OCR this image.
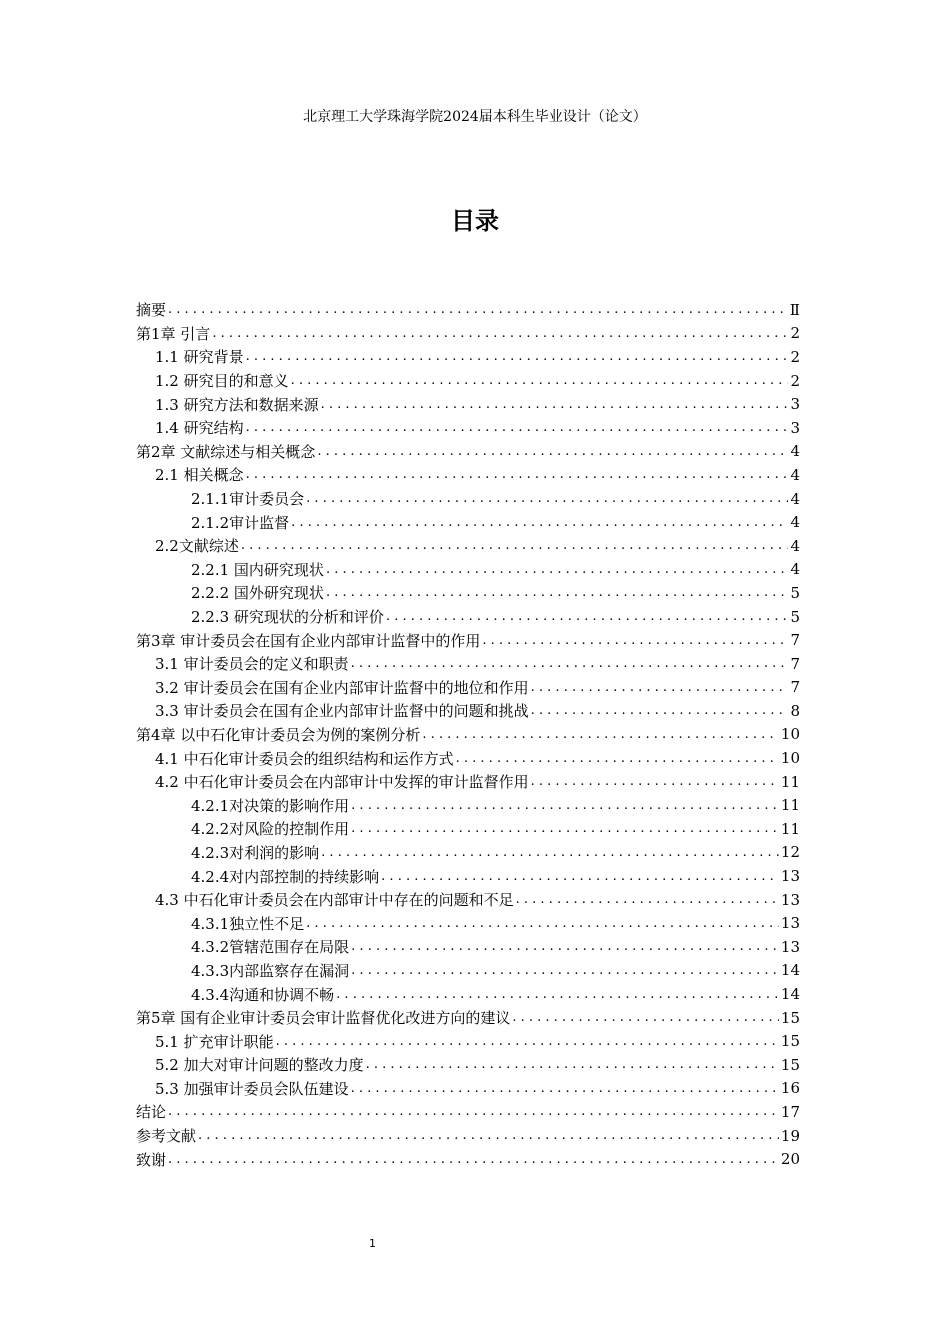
北京理工大学珠海学院2024届本科生毕业设计（论文）
目录
摘要 . . .	Ⅱ
第1章 引言 . . .	2
1.1 研究背景 . . .	2
1.2 研究目的和意义 . . .	2
1.3 研究方法和数据来源 . . .	3
1.4 研究结构 . . .	3
第2章 文献综述与相关概念 . . .	4
2.1 相关概念 . . .	4
2.1.1审计委员会 . . .	4
2.1.2审计监督 . . .	4
2.2文献综述 . . .	4
2.2.1 国内研究现状 . . .	4
2.2.2 国外研究现状 . . .	5
2.2.3 研究现状的分析和评价 . . .	5
第3章 审计委员会在国有企业内部审计监督中的作用 . . .	7
3.1 审计委员会的定义和职责 . . .	7
3.2 审计委员会在国有企业内部审计监督中的地位和作用 . . .	7
3.3 审计委员会在国有企业内部审计监督中的问题和挑战 . . .	8
第4章 以中石化审计委员会为例的案例分析 . . .	10
4.1 中石化审计委员会的组织结构和运作方式 . . .	10
4.2 中石化审计委员会在内部审计中发挥的审计监督作用 . . .	11
4.2.1对决策的影响作用 . . .	11
4.2.2对风险的控制作用 . . .	11
4.2.3对利润的影响 . . .	12
4.2.4对内部控制的持续影响 . . .	13
4.3 中石化审计委员会在内部审计中存在的问题和不足 . . .	13
4.3.1独立性不足 . . .	13
4.3.2管辖范围存在局限 . . .	13
4.3.3内部监察存在漏洞 . . .	14
4.3.4沟通和协调不畅 . . .	14
第5章 国有企业审计委员会审计监督优化改进方向的建议 . . .	15
5.1 扩充审计职能 . . .	15
5.2 加大对审计问题的整改力度 . . .	15
5.3 加强审计委员会队伍建设 . . .	16
结论 . . .	17
参考文献 . . .	19
致谢 . . .	20
1
